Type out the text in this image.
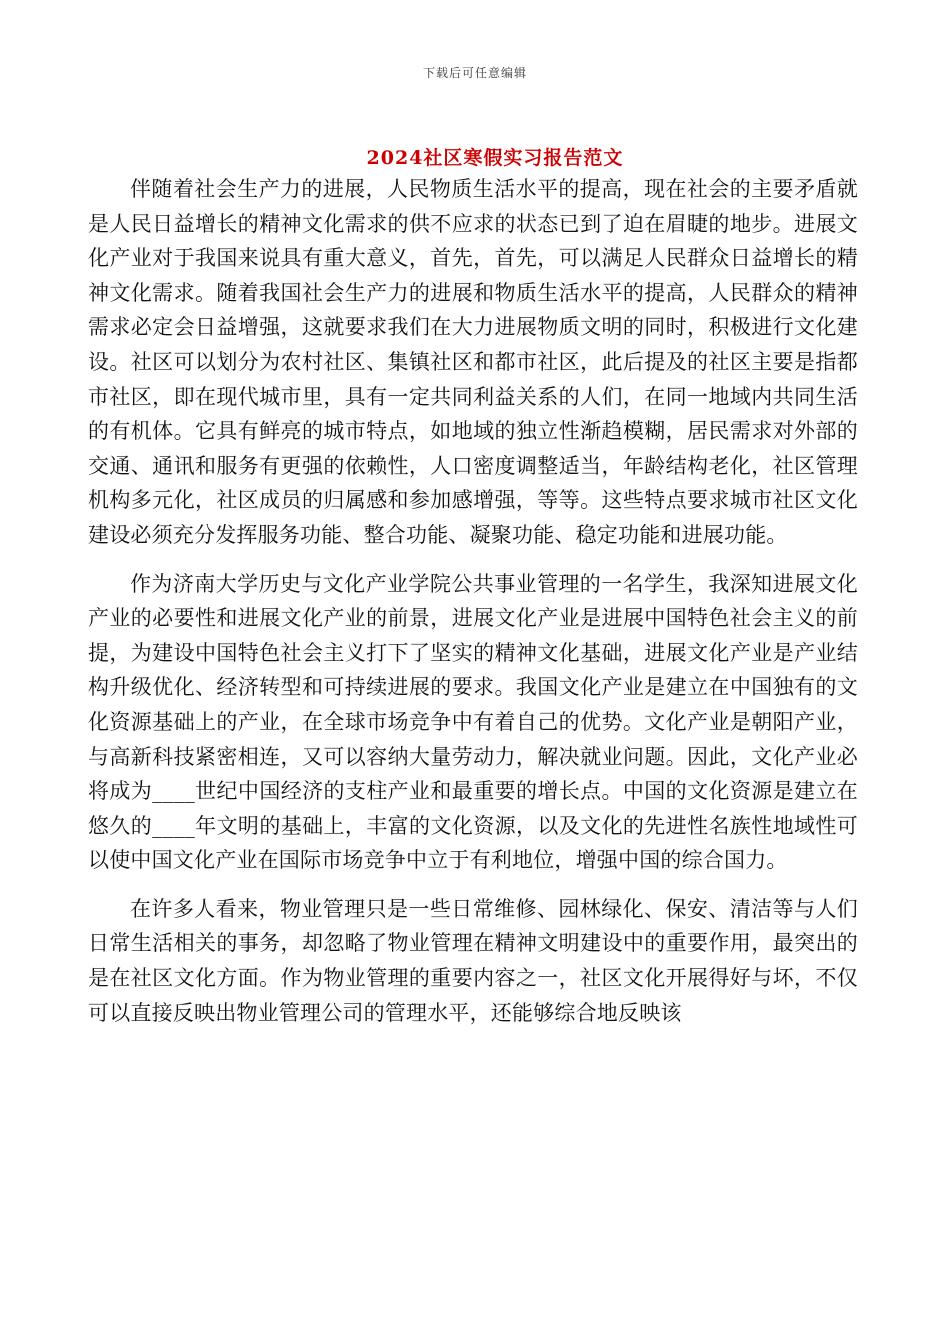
下载后可任意编辑
2024社区寒假实习报告范文

伴随着社会生产力的进展，人民物质生活水平的提高，现在社会的主要矛盾就是人民日益增长的精神文化需求的供不应求的状态已到了迫在眉睫的地步。进展文化产业对于我国来说具有重大意义，首先，首先，可以满足人民群众日益增长的精神文化需求。随着我国社会生产力的进展和物质生活水平的提高，人民群众的精神需求必定会日益增强，这就要求我们在大力进展物质文明的同时，积极进行文化建设。社区可以划分为农村社区、集镇社区和都市社区，此后提及的社区主要是指都市社区，即在现代城市里，具有一定共同利益关系的人们，在同一地域内共同生活的有机体。它具有鲜亮的城市特点，如地域的独立性渐趋模糊，居民需求对外部的交通、通讯和服务有更强的依赖性，人口密度调整适当，年龄结构老化，社区管理机构多元化，社区成员的归属感和参加感增强，等等。这些特点要求城市社区文化建设必须充分发挥服务功能、整合功能、凝聚功能、稳定功能和进展功能。

作为济南大学历史与文化产业学院公共事业管理的一名学生，我深知进展文化产业的必要性和进展文化产业的前景，进展文化产业是进展中国特色社会主义的前提，为建设中国特色社会主义打下了坚实的精神文化基础，进展文化产业是产业结构升级优化、经济转型和可持续进展的要求。我国文化产业是建立在中国独有的文化资源基础上的产业，在全球市场竞争中有着自己的优势。文化产业是朝阳产业，与高新科技紧密相连，又可以容纳大量劳动力，解决就业问题。因此，文化产业必将成为____世纪中国经济的支柱产业和最重要的增长点。中国的文化资源是建立在悠久的____年文明的基础上，丰富的文化资源，以及文化的先进性名族性地域性可以使中国文化产业在国际市场竞争中立于有利地位，增强中国的综合国力。

在许多人看来，物业管理只是一些日常维修、园林绿化、保安、清洁等与人们日常生活相关的事务，却忽略了物业管理在精神文明建设中的重要作用，最突出的是在社区文化方面。作为物业管理的重要内容之一，社区文化开展得好与坏，不仅可以直接反映出物业管理公司的管理水平，还能够综合地反映该
